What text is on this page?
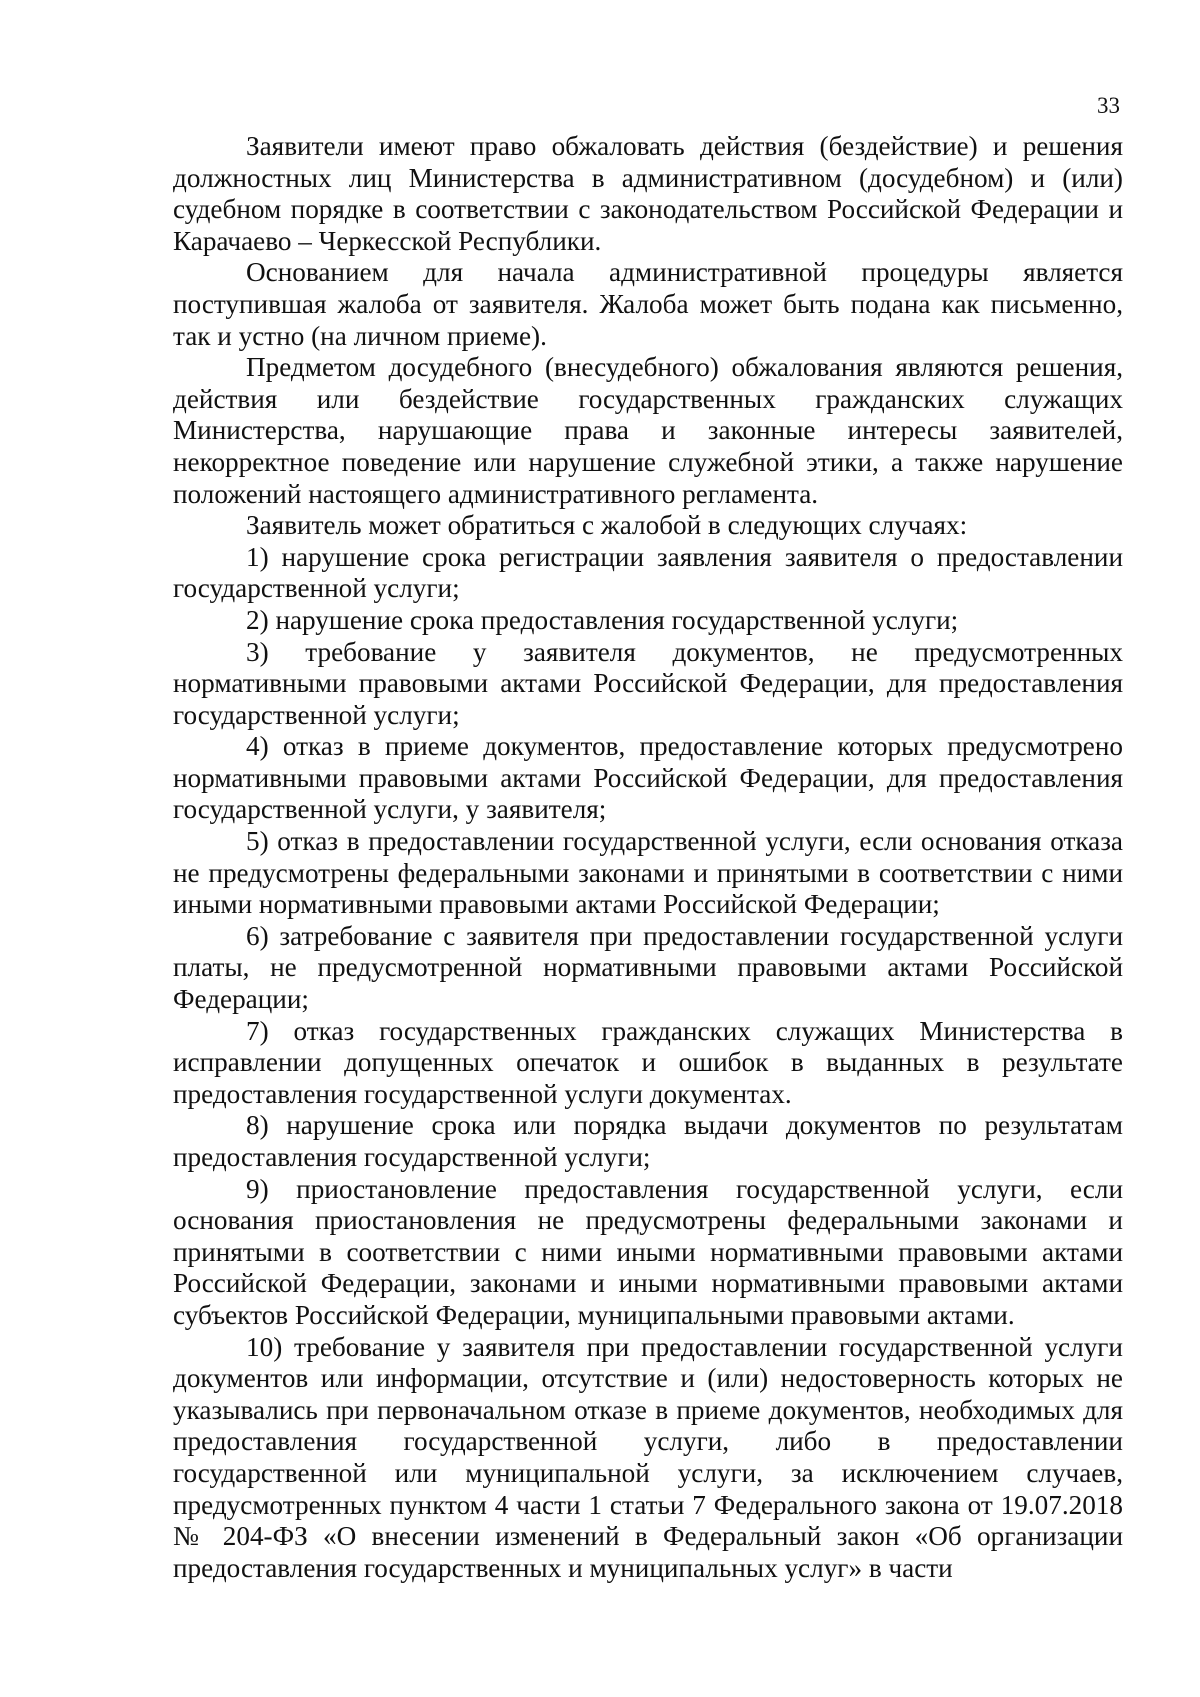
33

Заявители имеют право обжаловать действия (бездействие) и решения должностных лиц Министерства в административном (досудебном) и (или) судебном порядке в соответствии с законодательством Российской Федерации и Карачаево – Черкесской Республики.

Основанием для начала административной процедуры является поступившая жалоба от заявителя. Жалоба может быть подана как письменно, так и устно (на личном приеме).

Предметом досудебного (внесудебного) обжалования являются решения, действия или бездействие государственных гражданских служащих Министерства, нарушающие права и законные интересы заявителей, некорректное поведение или нарушение служебной этики, а также нарушение положений настоящего административного регламента.

Заявитель может обратиться с жалобой в следующих случаях:

1) нарушение срока регистрации заявления заявителя о предоставлении государственной услуги;

2) нарушение срока предоставления государственной услуги;

3) требование у заявителя документов, не предусмотренных нормативными правовыми актами Российской Федерации, для предоставления государственной услуги;

4) отказ в приеме документов, предоставление которых предусмотрено нормативными правовыми актами Российской Федерации, для предоставления государственной услуги, у заявителя;

5) отказ в предоставлении государственной услуги, если основания отказа не предусмотрены федеральными законами и принятыми в соответствии с ними иными нормативными правовыми актами Российской Федерации;

6) затребование с заявителя при предоставлении государственной услуги платы, не предусмотренной нормативными правовыми актами Российской Федерации;

7) отказ государственных гражданских служащих Министерства в исправлении допущенных опечаток и ошибок в выданных в результате предоставления государственной услуги документах.

8) нарушение срока или порядка выдачи документов по результатам предоставления государственной услуги;

9) приостановление предоставления государственной услуги, если основания приостановления не предусмотрены федеральными законами и принятыми в соответствии с ними иными нормативными правовыми актами Российской Федерации, законами и иными нормативными правовыми актами субъектов Российской Федерации, муниципальными правовыми актами.

10) требование у заявителя при предоставлении государственной услуги документов или информации, отсутствие и (или) недостоверность которых не указывались при первоначальном отказе в приеме документов, необходимых для предоставления государственной услуги, либо в предоставлении государственной или муниципальной услуги, за исключением случаев, предусмотренных пунктом 4 части 1 статьи 7 Федерального закона от 19.07.2018 № 204-ФЗ «О внесении изменений в Федеральный закон «Об организации предоставления государственных и муниципальных услуг» в части
